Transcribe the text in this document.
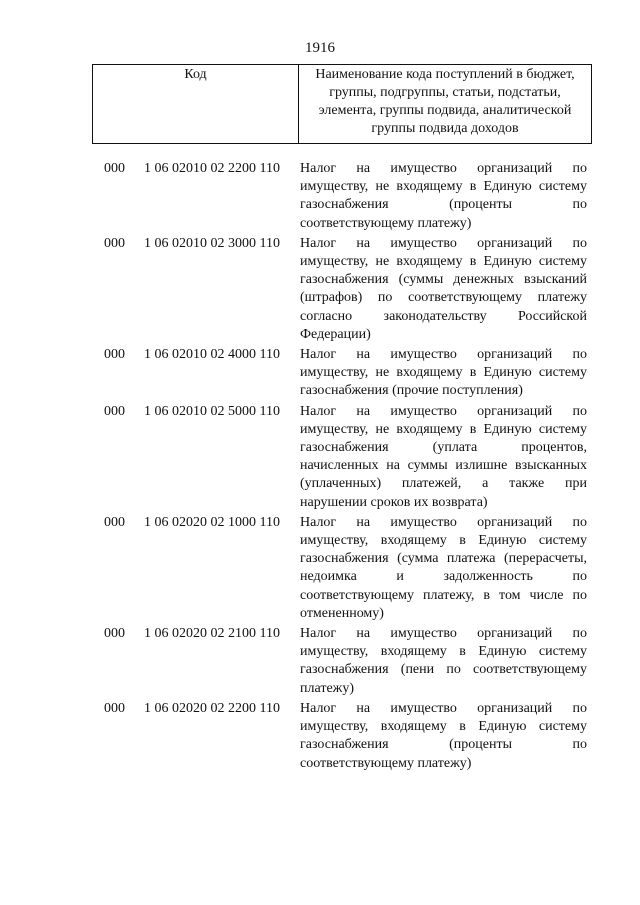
1916
Код	Наименование кода поступлений в бюджет, группы, подгруппы, статьи, подстатьи, элемента, группы подвида, аналитической группы подвида доходов
000 1 06 02010 02 2200 110 Налог на имущество организаций по имуществу, не входящему в Единую систему газоснабжения (проценты по соответствующему платежу)
000 1 06 02010 02 3000 110 Налог на имущество организаций по имуществу, не входящему в Единую систему газоснабжения (суммы денежных взысканий (штрафов) по соответствующему платежу согласно законодательству Российской Федерации)
000 1 06 02010 02 4000 110 Налог на имущество организаций по имуществу, не входящему в Единую систему газоснабжения (прочие поступления)
000 1 06 02010 02 5000 110 Налог на имущество организаций по имуществу, не входящему в Единую систему газоснабжения (уплата процентов, начисленных на суммы излишне взысканных (уплаченных) платежей, а также при нарушении сроков их возврата)
000 1 06 02020 02 1000 110 Налог на имущество организаций по имуществу, входящему в Единую систему газоснабжения (сумма платежа (перерасчеты, недоимка и задолженность по соответствующему платежу, в том числе по отмененному)
000 1 06 02020 02 2100 110 Налог на имущество организаций по имуществу, входящему в Единую систему газоснабжения (пени по соответствующему платежу)
000 1 06 02020 02 2200 110 Налог на имущество организаций по имуществу, входящему в Единую систему газоснабжения (проценты по соответствующему платежу)
